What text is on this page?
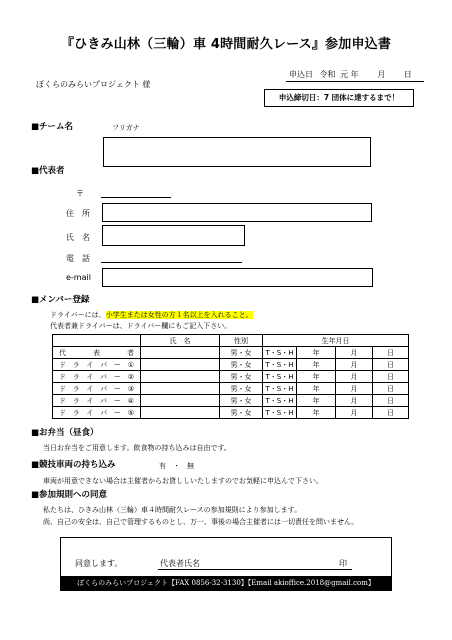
『ひきみ山林（三輪）車 4時間耐久レース』参加申込書
申込日 令和 元 年 月 日
ぼくらのみらいプロジェクト 様
申込締切日：7 団体に達するまで！
■チーム名	フリガナ
■代表者
〒
住　所
氏　名
電　話
e-mail
■メンバー登録
ドライバーには、小学生または女性の方１名以上を入れること。
代表者兼ドライバーは、ドライバー欄にもご記入下さい。
	氏　名	性別	生年月日			
代表者		男・女	T・S・H	年	月	日
ドライバー①		男・女	T・S・H	年	月	日
ドライバー②		男・女	T・S・H	年	月	日
ドライバー③		男・女	T・S・H	年	月	日
ドライバー④		男・女	T・S・H	年	月	日
ドライバー⑤		男・女	T・S・H	年	月	日
■お弁当（昼食）
当日お弁当をご用意します。飲食物の持ち込みは自由です。
■競技車両の持ち込み	有　・　無
車両が用意できない場合は主催者からお貸ししいたしますのでお気軽に申込んで下さい。
■参加規則への同意
私たちは、ひきみ山林（三輪）車４時間耐久レースの参加規則により参加します。
尚、自己の安全は、自己で管理するものとし、万一、事後の場合主催者には一切責任を問いません。
同意します。	代表者氏名	印
ぼくらのみらいプロジェクト【FAX 0856-32-3130】【Email akioffice.2018@gmail.com】
